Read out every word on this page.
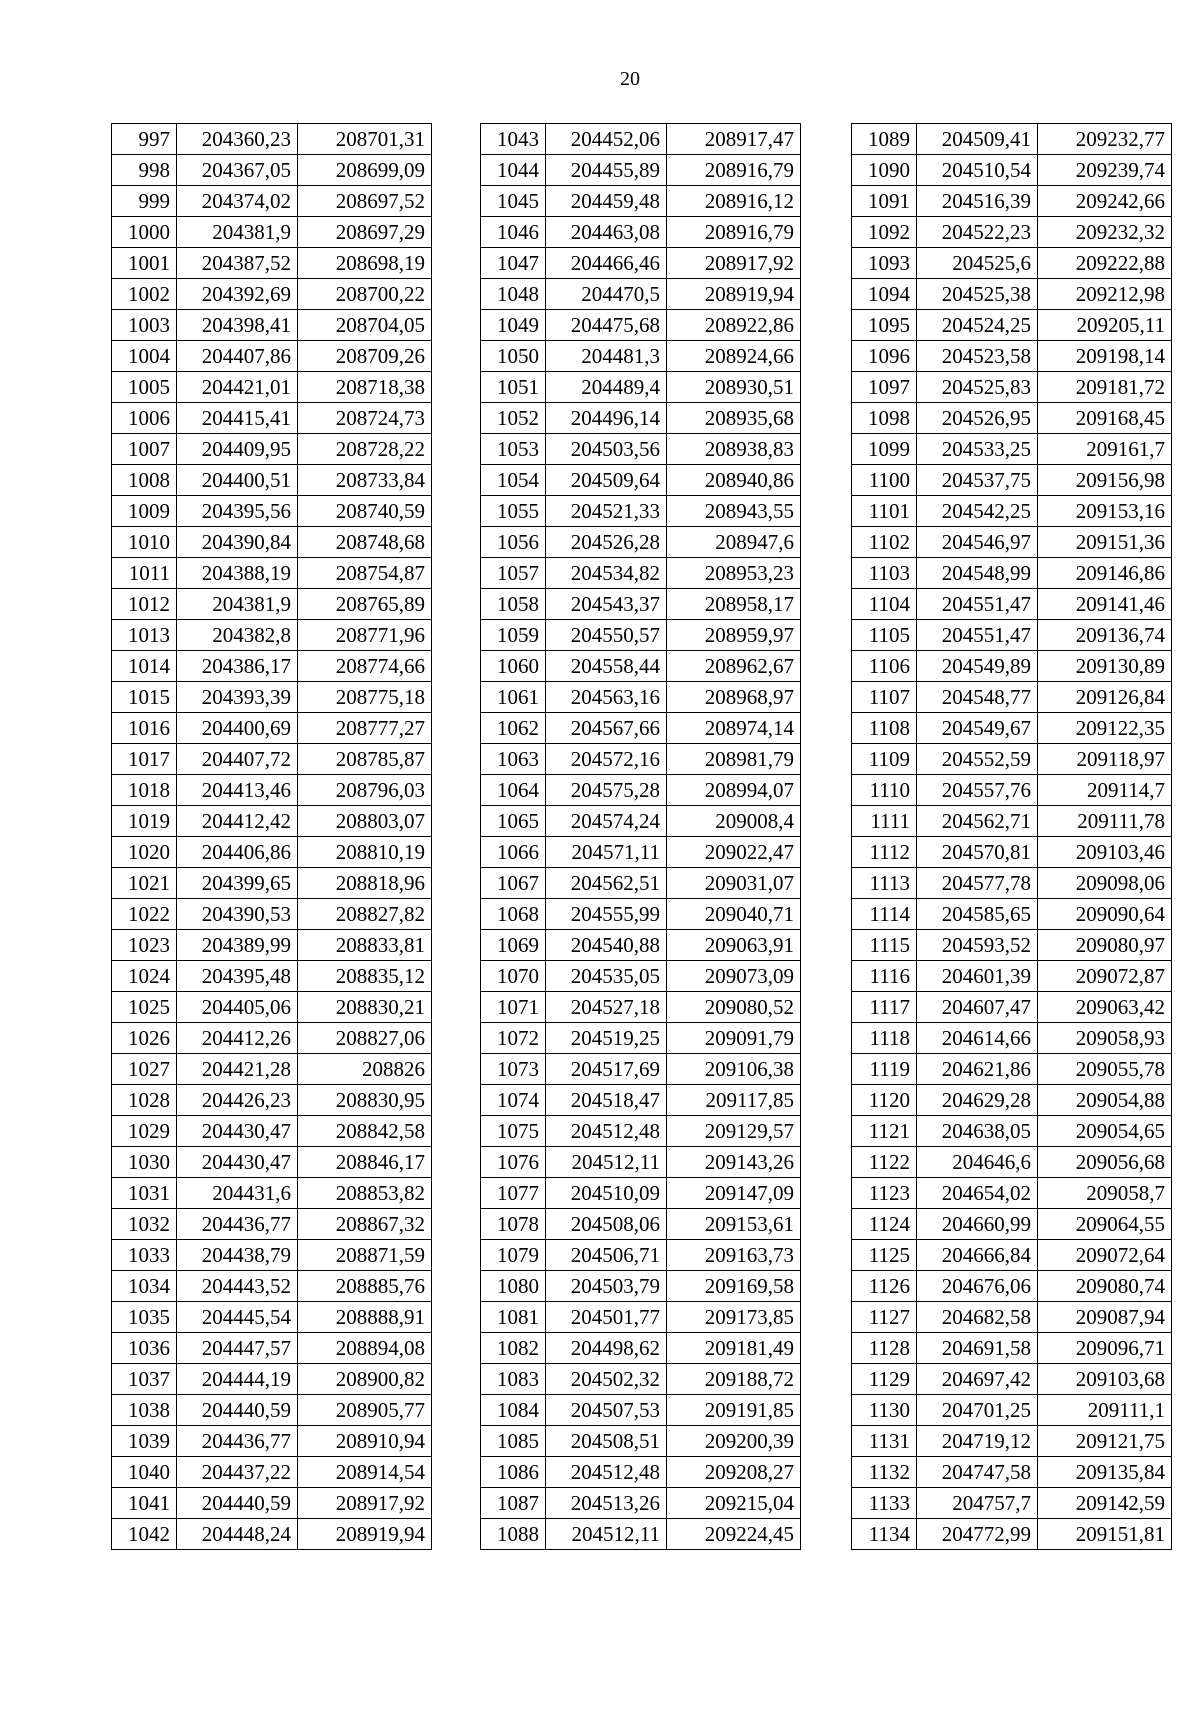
20
997	204360,23	208701,31
998	204367,05	208699,09
999	204374,02	208697,52
1000	204381,9	208697,29
1001	204387,52	208698,19
1002	204392,69	208700,22
1003	204398,41	208704,05
1004	204407,86	208709,26
1005	204421,01	208718,38
1006	204415,41	208724,73
1007	204409,95	208728,22
1008	204400,51	208733,84
1009	204395,56	208740,59
1010	204390,84	208748,68
1011	204388,19	208754,87
1012	204381,9	208765,89
1013	204382,8	208771,96
1014	204386,17	208774,66
1015	204393,39	208775,18
1016	204400,69	208777,27
1017	204407,72	208785,87
1018	204413,46	208796,03
1019	204412,42	208803,07
1020	204406,86	208810,19
1021	204399,65	208818,96
1022	204390,53	208827,82
1023	204389,99	208833,81
1024	204395,48	208835,12
1025	204405,06	208830,21
1026	204412,26	208827,06
1027	204421,28	208826
1028	204426,23	208830,95
1029	204430,47	208842,58
1030	204430,47	208846,17
1031	204431,6	208853,82
1032	204436,77	208867,32
1033	204438,79	208871,59
1034	204443,52	208885,76
1035	204445,54	208888,91
1036	204447,57	208894,08
1037	204444,19	208900,82
1038	204440,59	208905,77
1039	204436,77	208910,94
1040	204437,22	208914,54
1041	204440,59	208917,92
1042	204448,24	208919,94
1043	204452,06	208917,47
1044	204455,89	208916,79
1045	204459,48	208916,12
1046	204463,08	208916,79
1047	204466,46	208917,92
1048	204470,5	208919,94
1049	204475,68	208922,86
1050	204481,3	208924,66
1051	204489,4	208930,51
1052	204496,14	208935,68
1053	204503,56	208938,83
1054	204509,64	208940,86
1055	204521,33	208943,55
1056	204526,28	208947,6
1057	204534,82	208953,23
1058	204543,37	208958,17
1059	204550,57	208959,97
1060	204558,44	208962,67
1061	204563,16	208968,97
1062	204567,66	208974,14
1063	204572,16	208981,79
1064	204575,28	208994,07
1065	204574,24	209008,4
1066	204571,11	209022,47
1067	204562,51	209031,07
1068	204555,99	209040,71
1069	204540,88	209063,91
1070	204535,05	209073,09
1071	204527,18	209080,52
1072	204519,25	209091,79
1073	204517,69	209106,38
1074	204518,47	209117,85
1075	204512,48	209129,57
1076	204512,11	209143,26
1077	204510,09	209147,09
1078	204508,06	209153,61
1079	204506,71	209163,73
1080	204503,79	209169,58
1081	204501,77	209173,85
1082	204498,62	209181,49
1083	204502,32	209188,72
1084	204507,53	209191,85
1085	204508,51	209200,39
1086	204512,48	209208,27
1087	204513,26	209215,04
1088	204512,11	209224,45
1089	204509,41	209232,77
1090	204510,54	209239,74
1091	204516,39	209242,66
1092	204522,23	209232,32
1093	204525,6	209222,88
1094	204525,38	209212,98
1095	204524,25	209205,11
1096	204523,58	209198,14
1097	204525,83	209181,72
1098	204526,95	209168,45
1099	204533,25	209161,7
1100	204537,75	209156,98
1101	204542,25	209153,16
1102	204546,97	209151,36
1103	204548,99	209146,86
1104	204551,47	209141,46
1105	204551,47	209136,74
1106	204549,89	209130,89
1107	204548,77	209126,84
1108	204549,67	209122,35
1109	204552,59	209118,97
1110	204557,76	209114,7
1111	204562,71	209111,78
1112	204570,81	209103,46
1113	204577,78	209098,06
1114	204585,65	209090,64
1115	204593,52	209080,97
1116	204601,39	209072,87
1117	204607,47	209063,42
1118	204614,66	209058,93
1119	204621,86	209055,78
1120	204629,28	209054,88
1121	204638,05	209054,65
1122	204646,6	209056,68
1123	204654,02	209058,7
1124	204660,99	209064,55
1125	204666,84	209072,64
1126	204676,06	209080,74
1127	204682,58	209087,94
1128	204691,58	209096,71
1129	204697,42	209103,68
1130	204701,25	209111,1
1131	204719,12	209121,75
1132	204747,58	209135,84
1133	204757,7	209142,59
1134	204772,99	209151,81
